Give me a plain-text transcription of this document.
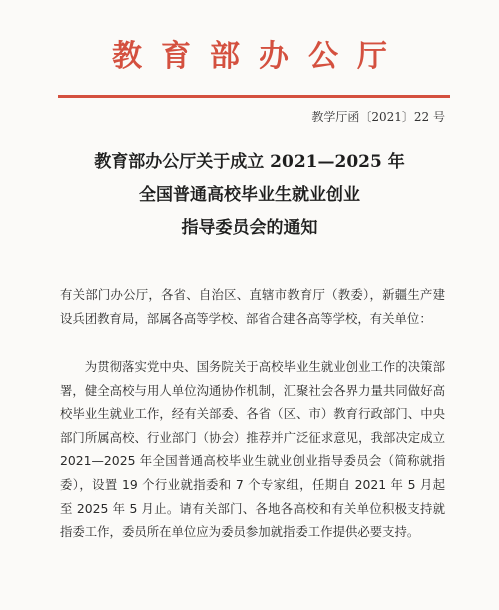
教育部办公厅
教学厅函〔2021〕22 号
教育部办公厅关于成立 2021—2025 年
全国普通高校毕业生就业创业
指导委员会的通知

有关部门办公厅，各省、自治区、直辖市教育厅（教委），新疆生产建设兵团教育局，部属各高等学校、部省合建各高等学校，有关单位：

为贯彻落实党中央、国务院关于高校毕业生就业创业工作的决策部署，健全高校与用人单位沟通协作机制，汇聚社会各界力量共同做好高校毕业生就业工作，经有关部委、各省（区、市）教育行政部门、中央部门所属高校、行业部门（协会）推荐并广泛征求意见，我部决定成立 2021—2025 年全国普通高校毕业生就业创业指导委员会（简称就指委），设置 19 个行业就指委和 7 个专家组，任期自 2021 年 5 月起至 2025 年 5 月止。请有关部门、各地各高校和有关单位积极支持就指委工作，委员所在单位应为委员参加就指委工作提供必要支持。
